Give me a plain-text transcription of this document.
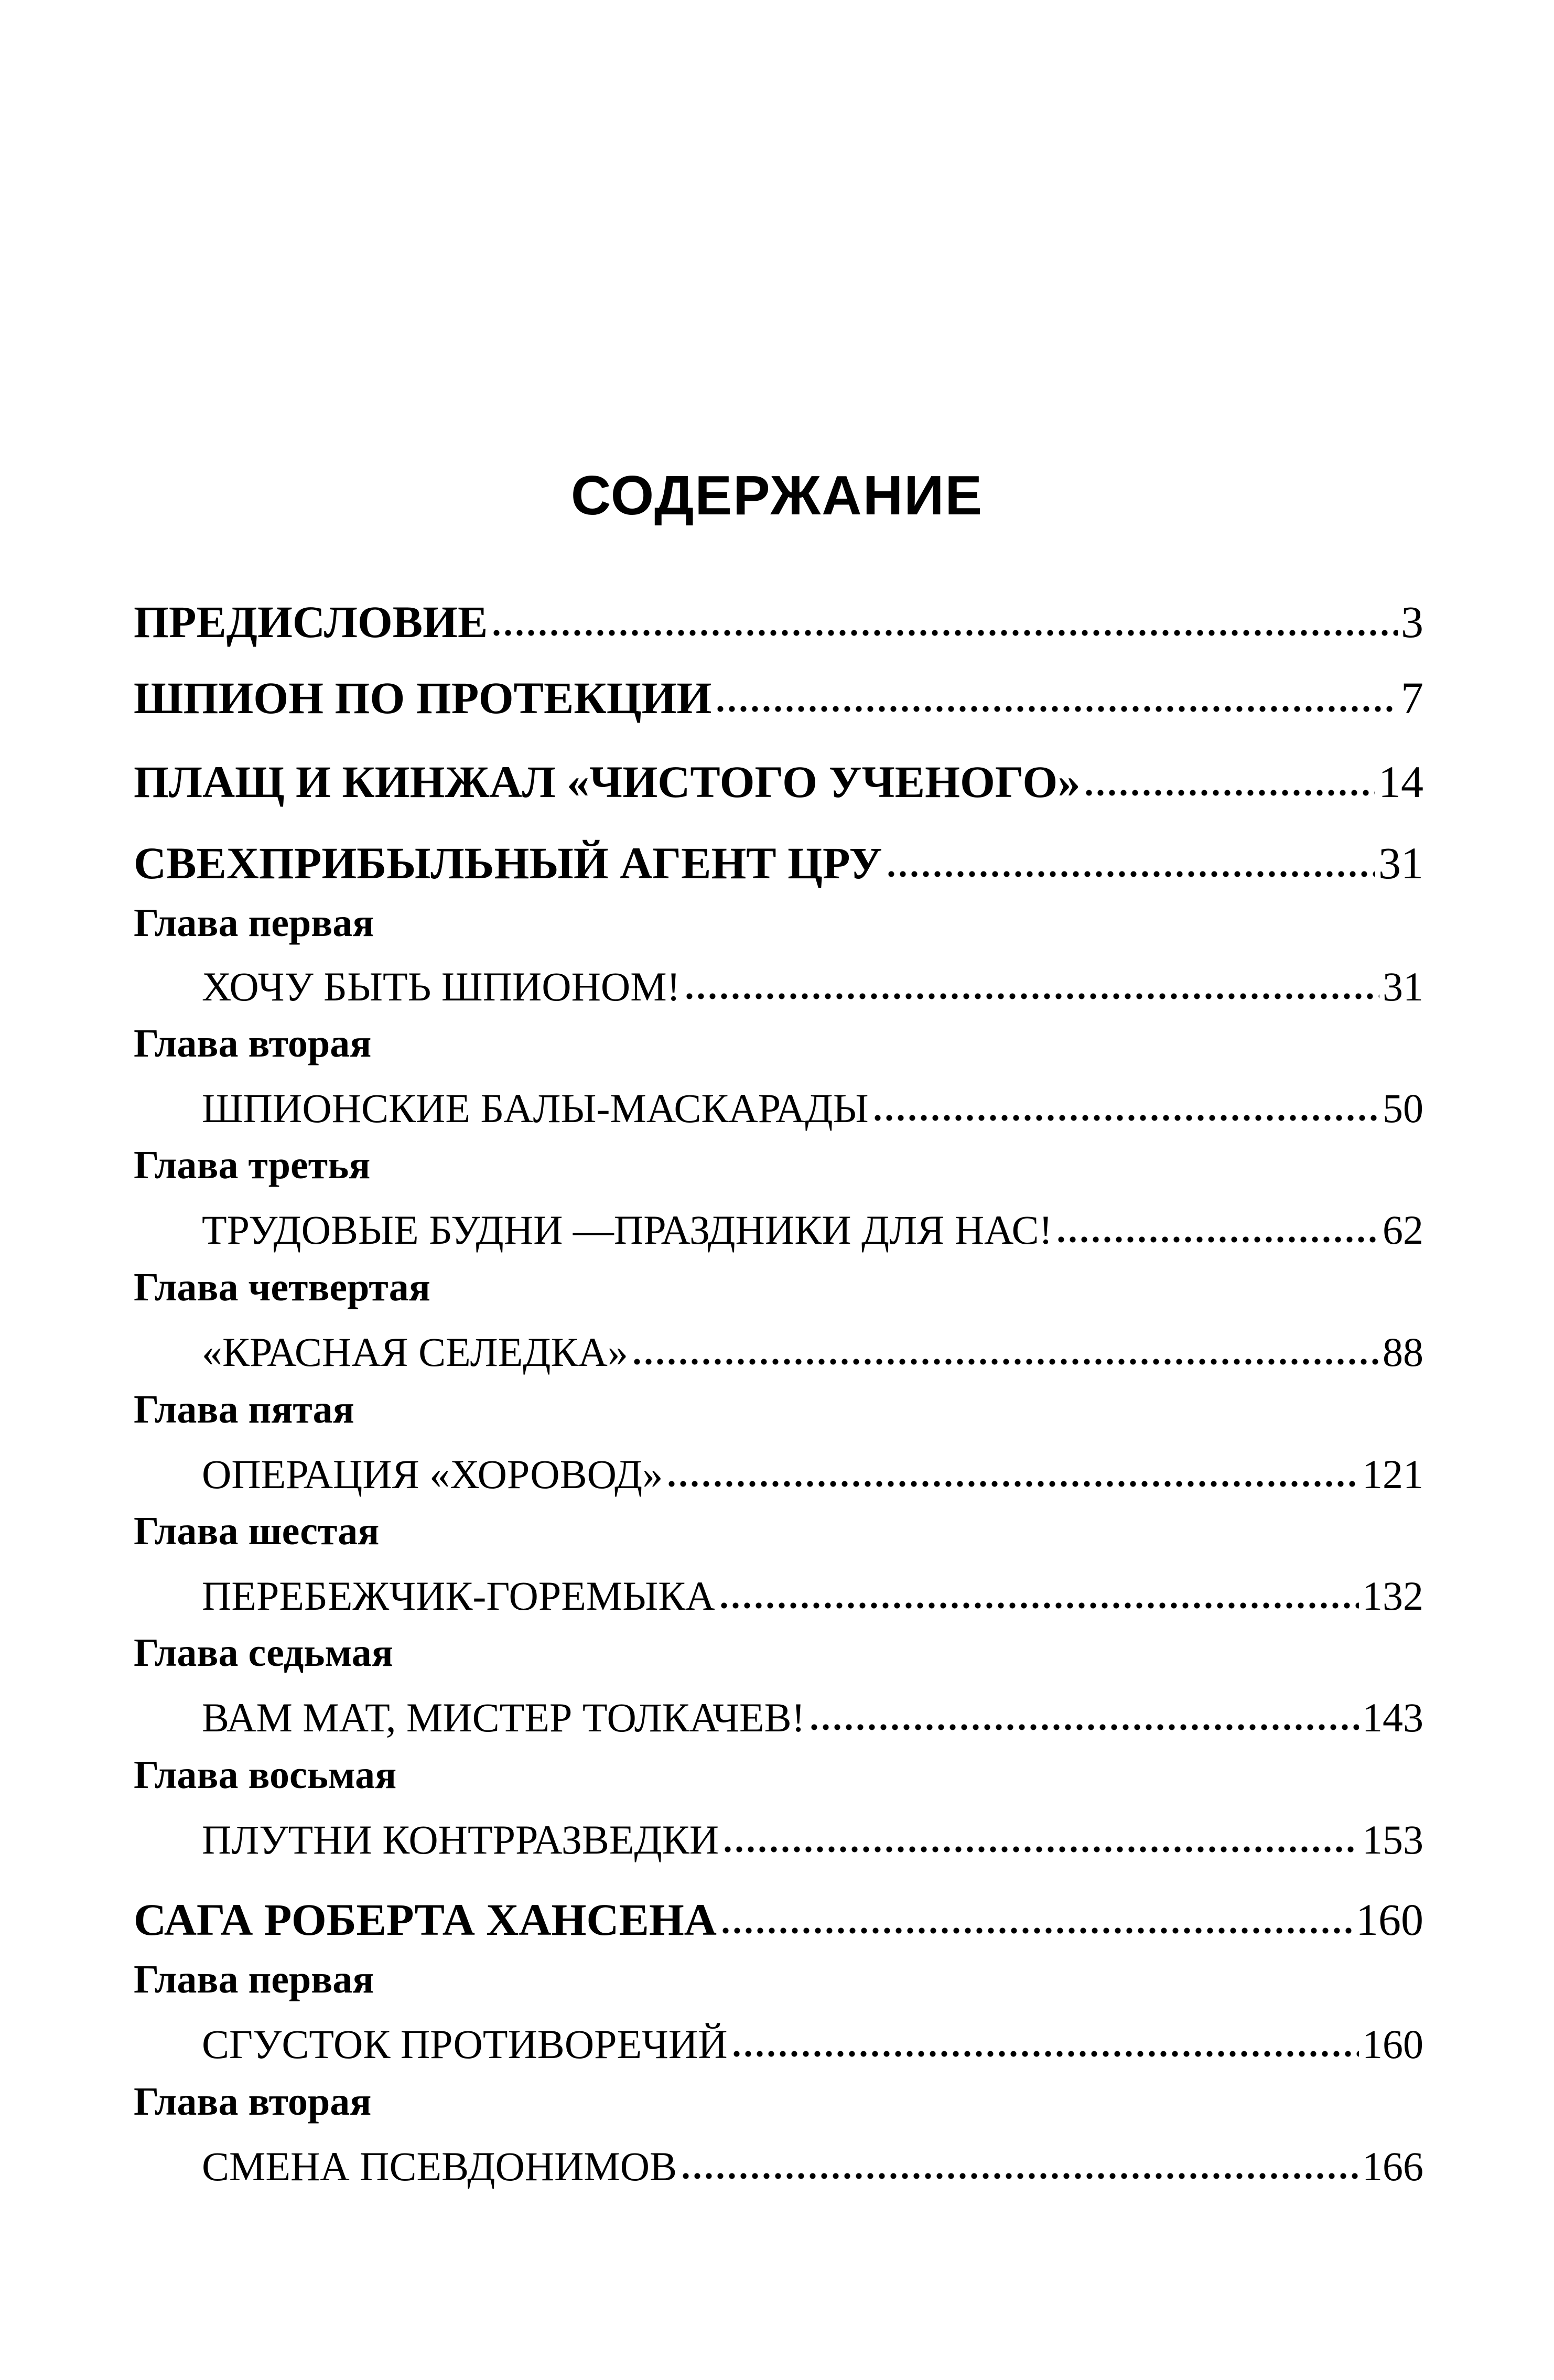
СОДЕРЖАНИЕ
ПРЕДИСЛОВИЕ	3
ШПИОН ПО ПРОТЕКЦИИ	7
ПЛАЩ И КИНЖАЛ «ЧИСТОГО УЧЕНОГО»	14
СВЕХПРИБЫЛЬНЫЙ АГЕНТ ЦРУ	31
Глава первая
ХОЧУ БЫТЬ ШПИОНОМ!	31
Глава вторая
ШПИОНСКИЕ БАЛЫ-МАСКАРАДЫ	50
Глава третья
ТРУДОВЫЕ БУДНИ —ПРАЗДНИКИ ДЛЯ НАС!	62
Глава четвертая
«КРАСНАЯ СЕЛЕДКА»	88
Глава пятая
ОПЕРАЦИЯ «ХОРОВОД»	121
Глава шестая
ПЕРЕБЕЖЧИК-ГОРЕМЫКА	132
Глава седьмая
ВАМ МАТ, МИСТЕР ТОЛКАЧЕВ!	143
Глава восьмая
ПЛУТНИ КОНТРРАЗВЕДКИ	153
САГА РОБЕРТА ХАНСЕНА	160
Глава первая
СГУСТОК ПРОТИВОРЕЧИЙ	160
Глава вторая
СМЕНА ПСЕВДОНИМОВ	166
